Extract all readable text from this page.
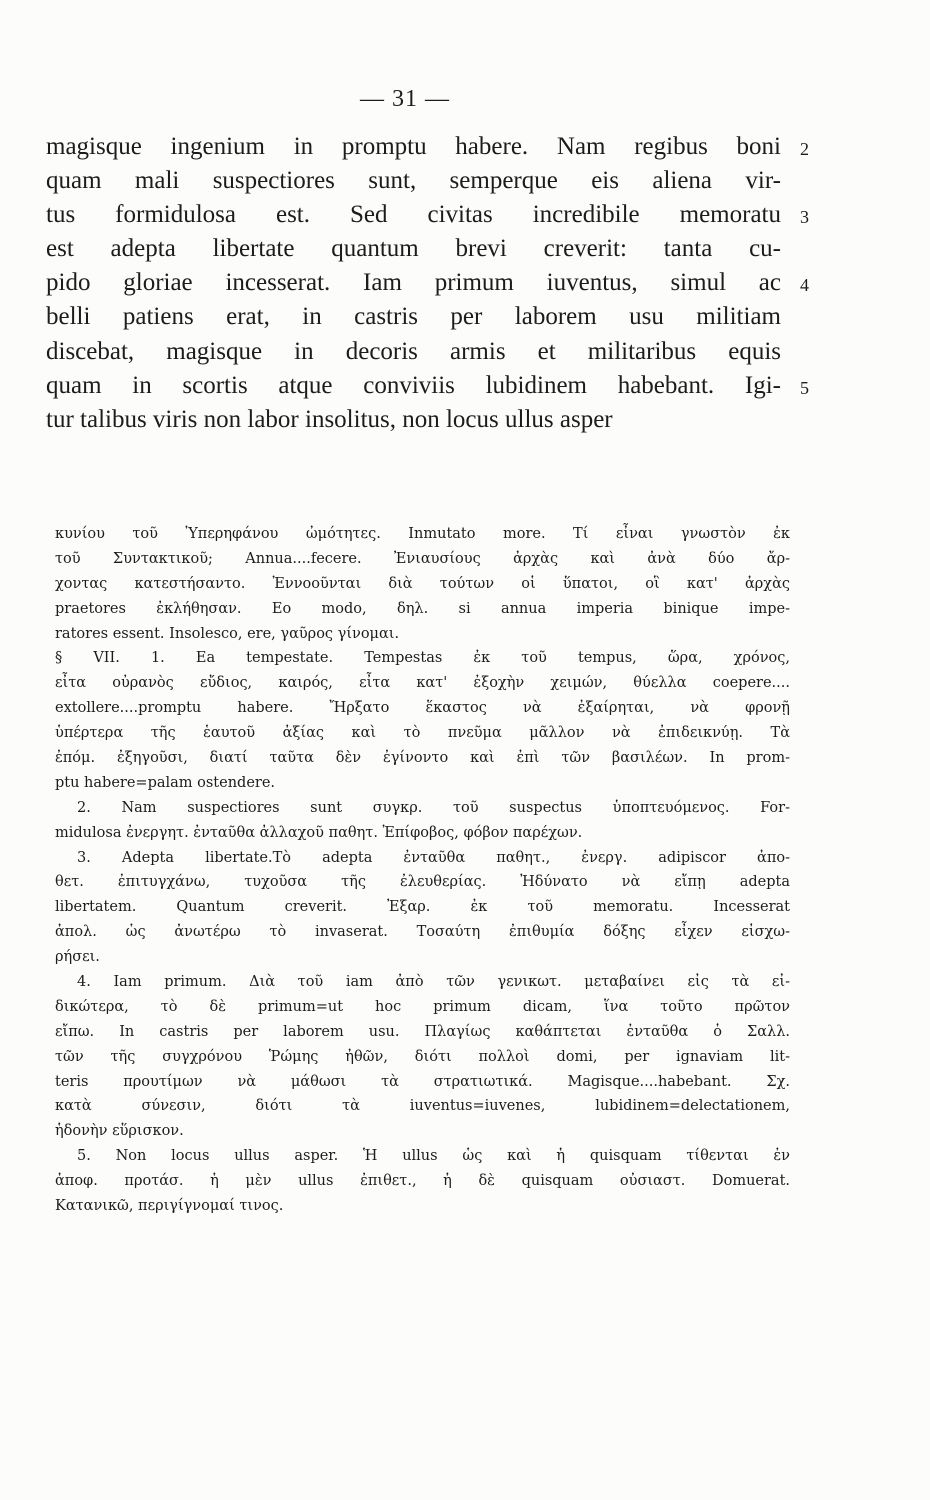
— 31 —
magisque ingenium in promptu habere. Nam regibus boni
quam mali suspectiores sunt, semperque eis aliena vir-
tus formidulosa est. Sed civitas incredibile memoratu
est adepta libertate quantum brevi creverit: tanta cu-
pido gloriae incesserat. Iam primum iuventus, simul ac
belli patiens erat, in castris per laborem usu militiam
discebat, magisque in decoris armis et militaribus equis
quam in scortis atque conviviis lubidinem habebant. Igi-
tur talibus viris non labor insolitus, non locus ullus asper
2
3
4
5
κυνίου τοῦ Ὑπερηφάνου ὠμότητες. Inmutato more. Τί εἶναι γνωστὸν ἐκ
τοῦ Συντακτικοῦ; Annua....fecere. Ἐνιαυσίους ἀρχὰς καὶ ἀνὰ δύο ἄρ-
χοντας κατεστήσαντο. Ἐννοοῦνται διὰ τούτων οἱ ὕπατοι, οἳ κατ' ἀρχὰς
praetores ἐκλήθησαν. Eo modo, δηλ. si annua imperia binique impe-
ratores essent. Insolesco, ere, γαῦρος γίνομαι.
§ VII. 1. Ea tempestate. Tempestas ἐκ τοῦ tempus, ὥρα, χρόνος,
εἶτα οὐρανὸς εὔδιος, καιρός, εἶτα κατ' ἐξοχὴν χειμών, θύελλα coepere....
extollere....promptu habere. Ἤρξατο ἕκαστος νὰ ἐξαίρηται, νὰ φρονῇ
ὑπέρτερα τῆς ἑαυτοῦ ἀξίας καὶ τὸ πνεῦμα μᾶλλον νὰ ἐπιδεικνύῃ. Τὰ
ἐπόμ. ἐξηγοῦσι, διατί ταῦτα δὲν ἐγίνοντο καὶ ἐπὶ τῶν βασιλέων. In prom-
ptu habere=palam ostendere.
2. Nam suspectiores sunt συγκρ. τοῦ suspectus ὑποπτευόμενος. For-
midulosa ἐνεργητ. ἐνταῦθα ἀλλαχοῦ παθητ. Ἐπίφοβος, φόβον παρέχων.
3. Adepta libertate.Τὸ adepta ἐνταῦθα παθητ., ἐνεργ. adipiscor ἀπο-
θετ. ἐπιτυγχάνω, τυχοῦσα τῆς ἐλευθερίας. Ἠδύνατο νὰ εἴπῃ adepta
libertatem. Quantum creverit. Ἐξαρ. ἐκ τοῦ memoratu. Incesserat
ἀπολ. ὡς ἀνωτέρω τὸ invaserat. Τοσαύτη ἐπιθυμία δόξης εἶχεν εἰσχω-
ρήσει.
4. Iam primum. Διὰ τοῦ iam ἀπὸ τῶν γενικωτ. μεταβαίνει εἰς τὰ εἰ-
δικώτερα, τὸ δὲ primum=ut hoc primum dicam, ἵνα τοῦτο πρῶτον
εἴπω. In castris per laborem usu. Πλαγίως καθάπτεται ἐνταῦθα ὁ Σαλλ.
τῶν τῆς συγχρόνου Ῥώμης ἠθῶν, διότι πολλοὶ domi, per ignaviam lit-
teris προυτίμων νὰ μάθωσι τὰ στρατιωτικά. Magisque....habebant. Σχ.
κατὰ σύνεσιν, διότι τὰ iuventus=iuvenes, lubidinem=delectationem,
ἡδονὴν εὕρισκον.
5. Non locus ullus asper. Ἡ ullus ὡς καὶ ἡ quisquam τίθενται ἐν
ἀποφ. προτάσ. ἡ μὲν ullus ἐπιθετ., ἡ δὲ quisquam οὐσιαστ. Domuerat.
Κατανικῶ, περιγίγνομαί τινος.
